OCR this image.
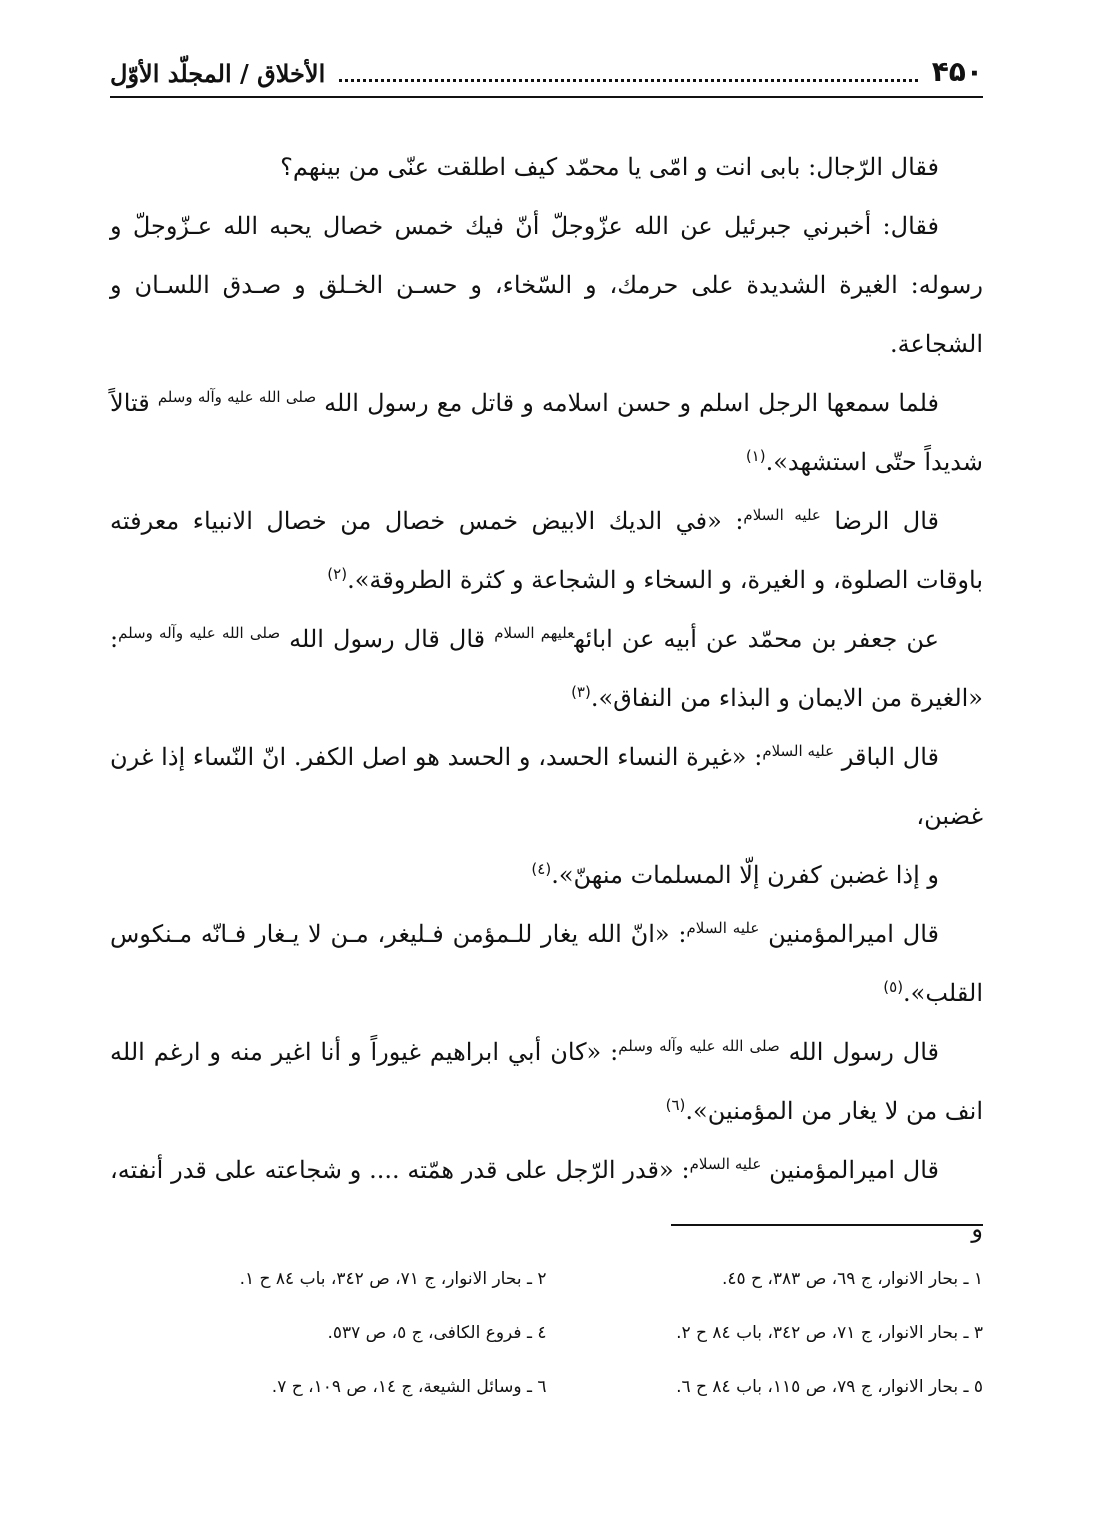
۴۵۰
الأخلاق / المجلّد الأوّل

فقال الرّجال: بابى انت و امّى يا محمّد كيف اطلقت عنّى من بينهم؟

فقال: أخبرني جبرئيل عن الله عزّوجلّ أنّ فيك خمس خصال يحبه الله عـزّوجلّ و رسوله: الغيرة الشديدة على حرمك، و السّخاء، و حسـن الخـلق و صـدق اللسـان و الشجاعة.

فلما سمعها الرجل اسلم و حسن اسلامه و قاتل مع رسول الله $^{صلى الله عليه وآله وسلم}$ قتالاً شديداً حتّى استشهد».$^{(١)}$

قال الرضا $^{عليه السلام}$: «في الديك الابيض خمس خصال من خصال الانبياء معرفته باوقات الصلوة، و الغيرة، و السخاء و الشجاعة و كثرة الطروقة».$^{(٢)}$

عن جعفر بن محمّد عن أبيه عن ابائه$^{عليهم السلام}$ قال قال رسول الله $^{صلى الله عليه وآله وسلم}$: «الغيرة من الايمان و البذاء من النفاق».$^{(٣)}$

قال الباقر $^{عليه السلام}$: «غيرة النساء الحسد، و الحسد هو اصل الكفر. انّ النّساء إذا غرن غضبن،

و إذا غضبن كفرن إلّا المسلمات منهنّ».$^{(٤)}$

قال اميرالمؤمنين $^{عليه السلام}$: «انّ الله يغار للـمؤمن فـليغر، مـن لا يـغار فـانّه مـنكوس القلب».$^{(٥)}$

قال رسول الله $^{صلى الله عليه وآله وسلم}$: «كان أبي ابراهيم غيوراً و أنا اغير منه و ارغم الله انف من لا يغار من المؤمنين».$^{(٦)}$

قال اميرالمؤمنين $^{عليه السلام}$: «قدر الرّجل على قدر همّته .... و شجاعته على قدر أنفته، و

١ ـ بحار الانوار، ج ٦٩، ص ٣٨٣، ح ٤٥.
٢ ـ بحار الانوار، ج ٧١، ص ٣٤٢، باب ٨٤ ح ١.
٣ ـ بحار الانوار، ج ٧١، ص ٣٤٢، باب ٨٤ ح ٢.
٤ ـ فروع الكافى، ج ٥، ص ٥٣٧.
٥ ـ بحار الانوار، ج ٧٩، ص ١١٥، باب ٨٤ ح ٦.
٦ ـ وسائل الشيعة، ج ١٤، ص ١٠٩، ح ٧.
